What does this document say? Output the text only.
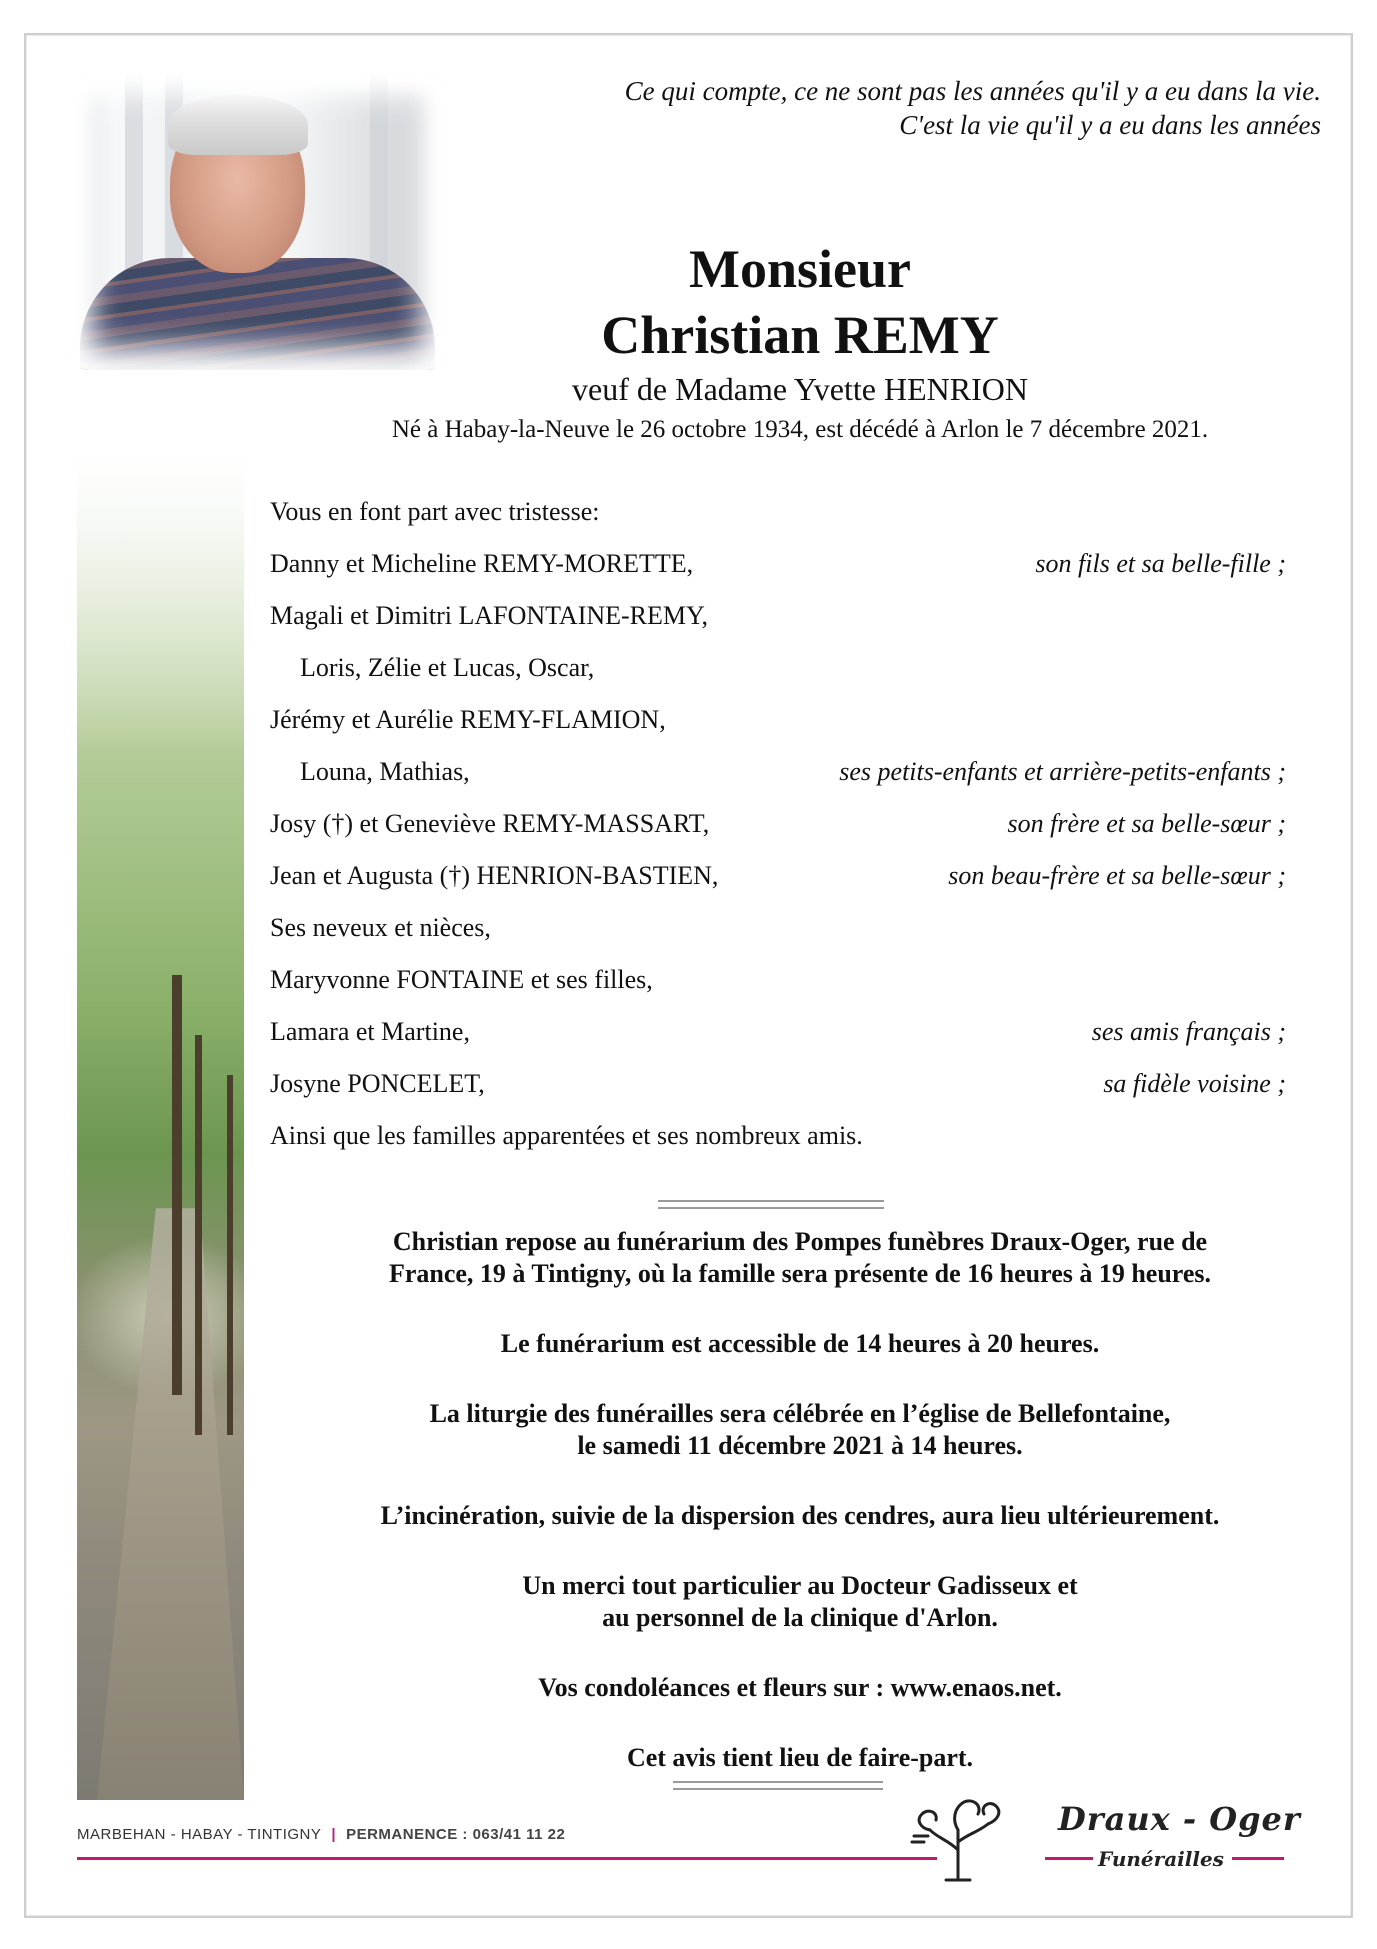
Ce qui compte, ce ne sont pas les années qu'il y a eu dans la vie.
C'est la vie qu'il y a eu dans les années
Monsieur
Christian REMY
veuf de Madame Yvette HENRION
Né à Habay-la-Neuve le 26 octobre 1934, est décédé à Arlon le 7 décembre 2021.
Vous en font part avec tristesse:
Danny et Micheline REMY-MORETTE,	son fils et sa belle-fille ;
Magali et Dimitri LAFONTAINE-REMY,
Loris, Zélie et Lucas, Oscar,
Jérémy et Aurélie REMY-FLAMION,
Louna, Mathias,	ses petits-enfants et arrière-petits-enfants ;
Josy (†) et Geneviève REMY-MASSART,	son frère et sa belle-sœur ;
Jean et Augusta (†) HENRION-BASTIEN,	son beau-frère et sa belle-sœur ;
Ses neveux et nièces,
Maryvonne FONTAINE et ses filles,
Lamara et Martine,	ses amis français ;
Josyne PONCELET,	sa fidèle voisine ;
Ainsi que les familles apparentées et ses nombreux amis.

Christian repose au funérarium des Pompes funèbres Draux-Oger, rue de

France, 19 à Tintigny, où la famille sera présente de 16 heures à 19 heures.

Le funérarium est accessible de 14 heures à 20 heures.

La liturgie des funérailles sera célébrée en l’église de Bellefontaine,

le samedi 11 décembre 2021 à 14 heures.

L’incinération, suivie de la dispersion des cendres, aura lieu ultérieurement.

Un merci tout particulier au Docteur Gadisseux et

au personnel de la clinique d'Arlon.

Vos condoléances et fleurs sur : www.enaos.net.
Cet avis tient lieu de faire-part.
MARBEHAN - HABAY - TINTIGNY | PERMANENCE : 063/41 11 22	Draux - Oger
Funérailles
